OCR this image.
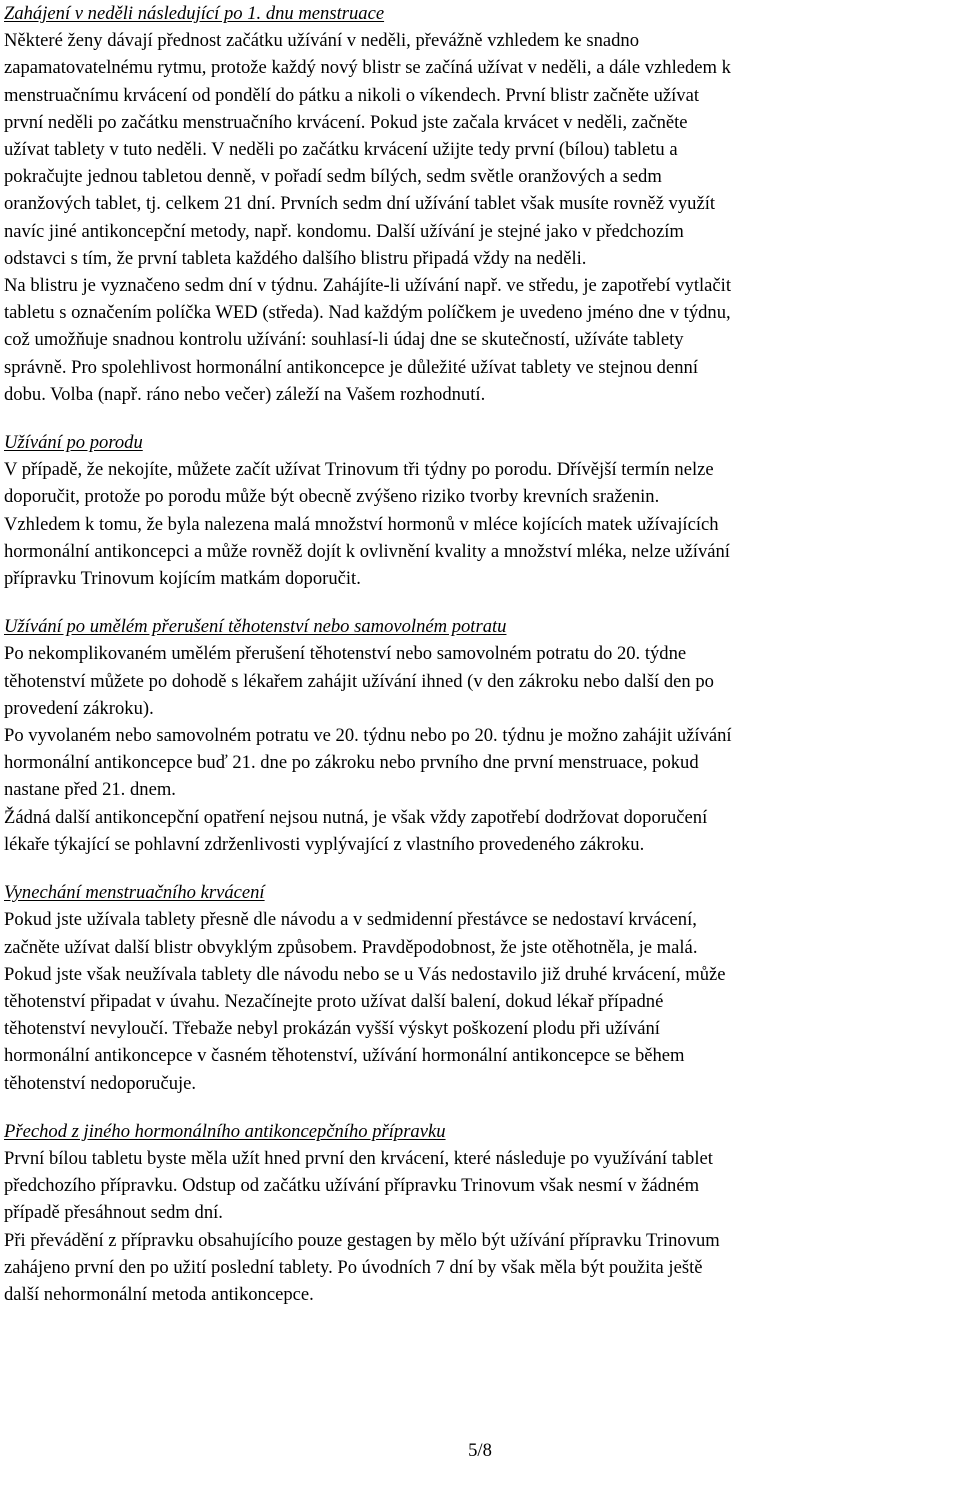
Zahájení v neděli následující po 1. dnu menstruace
Některé ženy dávají přednost začátku užívání v neděli, převážně vzhledem ke snadno
zapamatovatelnému rytmu, protože každý nový blistr se začíná užívat v neděli, a dále vzhledem k
menstruačnímu krvácení od pondělí do pátku a nikoli o víkendech. První blistr začněte užívat
první neděli po začátku menstruačního krvácení. Pokud jste začala krvácet v neděli, začněte
užívat tablety v tuto neděli. V neděli po začátku krvácení užijte tedy první (bílou) tabletu a
pokračujte jednou tabletou denně, v pořadí sedm bílých, sedm světle oranžových a sedm
oranžových tablet, tj. celkem 21 dní. Prvních sedm dní užívání tablet však musíte rovněž využít
navíc jiné antikoncepční metody, např. kondomu. Další užívání je stejné jako v předchozím
odstavci s tím, že první tableta každého dalšího blistru připadá vždy na neděli.
Na blistru je vyznačeno sedm dní v týdnu. Zahájíte-li užívání např. ve středu, je zapotřebí vytlačit
tabletu s označením políčka WED (středa). Nad každým políčkem je uvedeno jméno dne v týdnu,
což umožňuje snadnou kontrolu užívání: souhlasí-li údaj dne se skutečností, užíváte tablety
správně. Pro spolehlivost hormonální antikoncepce je důležité užívat tablety ve stejnou denní
dobu. Volba (např. ráno nebo večer) záleží na Vašem rozhodnutí.
Užívání po porodu
V případě, že nekojíte, můžete začít užívat Trinovum tři týdny po porodu. Dřívější termín nelze
doporučit, protože po porodu může být obecně zvýšeno riziko tvorby krevních sraženin.
Vzhledem k tomu, že byla nalezena malá množství hormonů v mléce kojících matek užívajících
hormonální antikoncepci a může rovněž dojít k ovlivnění kvality a množství mléka, nelze užívání
přípravku Trinovum kojícím matkám doporučit.
Užívání po umělém přerušení těhotenství nebo samovolném potratu
Po nekomplikovaném umělém přerušení těhotenství nebo samovolném potratu do 20. týdne
těhotenství můžete po dohodě s lékařem zahájit užívání ihned (v den zákroku nebo další den po
provedení zákroku).
Po vyvolaném nebo samovolném potratu ve 20. týdnu nebo po 20. týdnu je možno zahájit užívání
hormonální antikoncepce buď 21. dne po zákroku nebo prvního dne první menstruace, pokud
nastane před 21. dnem.
Žádná další antikoncepční opatření nejsou nutná, je však vždy zapotřebí dodržovat doporučení
lékaře týkající se pohlavní zdrženlivosti vyplývající z vlastního provedeného zákroku.
Vynechání menstruačního krvácení
Pokud jste užívala tablety přesně dle návodu a v sedmidenní přestávce se nedostaví krvácení,
začněte užívat další blistr obvyklým způsobem. Pravděpodobnost, že jste otěhotněla, je malá.
Pokud jste však neužívala tablety dle návodu nebo se u Vás nedostavilo již druhé krvácení, může
těhotenství připadat v úvahu. Nezačínejte proto užívat další balení, dokud lékař případné
těhotenství nevyloučí. Třebaže nebyl prokázán vyšší výskyt poškození plodu při užívání
hormonální antikoncepce v časném těhotenství, užívání hormonální antikoncepce se během
těhotenství nedoporučuje.
Přechod z jiného hormonálního antikoncepčního přípravku
První bílou tabletu byste měla užít hned první den krvácení, které následuje po využívání tablet
předchozího přípravku. Odstup od začátku užívání přípravku Trinovum však nesmí v žádném
případě přesáhnout sedm dní.
Při převádění z přípravku obsahujícího pouze gestagen by mělo být užívání přípravku Trinovum
zahájeno první den po užití poslední tablety. Po úvodních 7 dní by však měla být použita ještě
další nehormonální metoda antikoncepce.
5/8
